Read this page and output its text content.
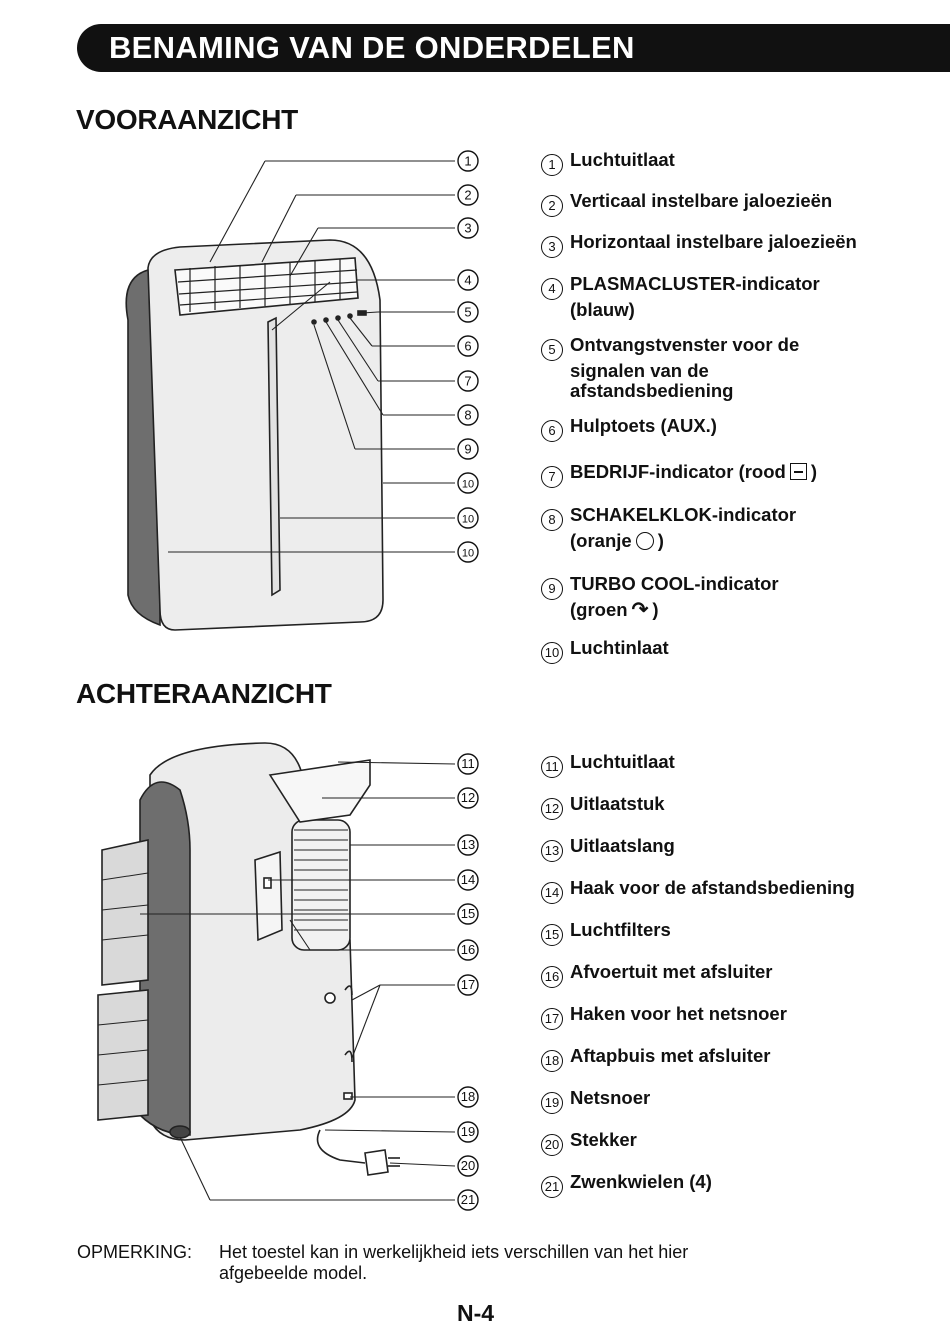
BENAMING VAN DE ONDERDELEN
VOORAANZICHT
ACHTERAANZICHT
1
2
3
4
5
6
7
8
9
10
10
10
11
12
13
14
15
16
17
18
19
20
21
1 Luchtuitlaat
2 Verticaal instelbare jaloezieën
3 Horizontaal instelbare jaloezieën
4 PLASMACLUSTER-indicator
(blauw)
5 Ontvangstvenster voor de
signalen van de
afstandsbediening
6 Hulptoets (AUX.)
7 BEDRIJF-indicator (rood )
8 SCHAKELKLOK-indicator
(oranje )
9 TURBO COOL-indicator
(groen ↷ )
10 Luchtinlaat
11 Luchtuitlaat
12 Uitlaatstuk
13 Uitlaatslang
14 Haak voor de afstandsbediening
15 Luchtfilters
16 Afvoertuit met afsluiter
17 Haken voor het netsnoer
18 Aftapbuis met afsluiter
19 Netsnoer
20 Stekker
21 Zwenkwielen (4)
OPMERKING: Het toestel kan in werkelijkheid iets verschillen van het hier
afgebeelde model.
N-4
